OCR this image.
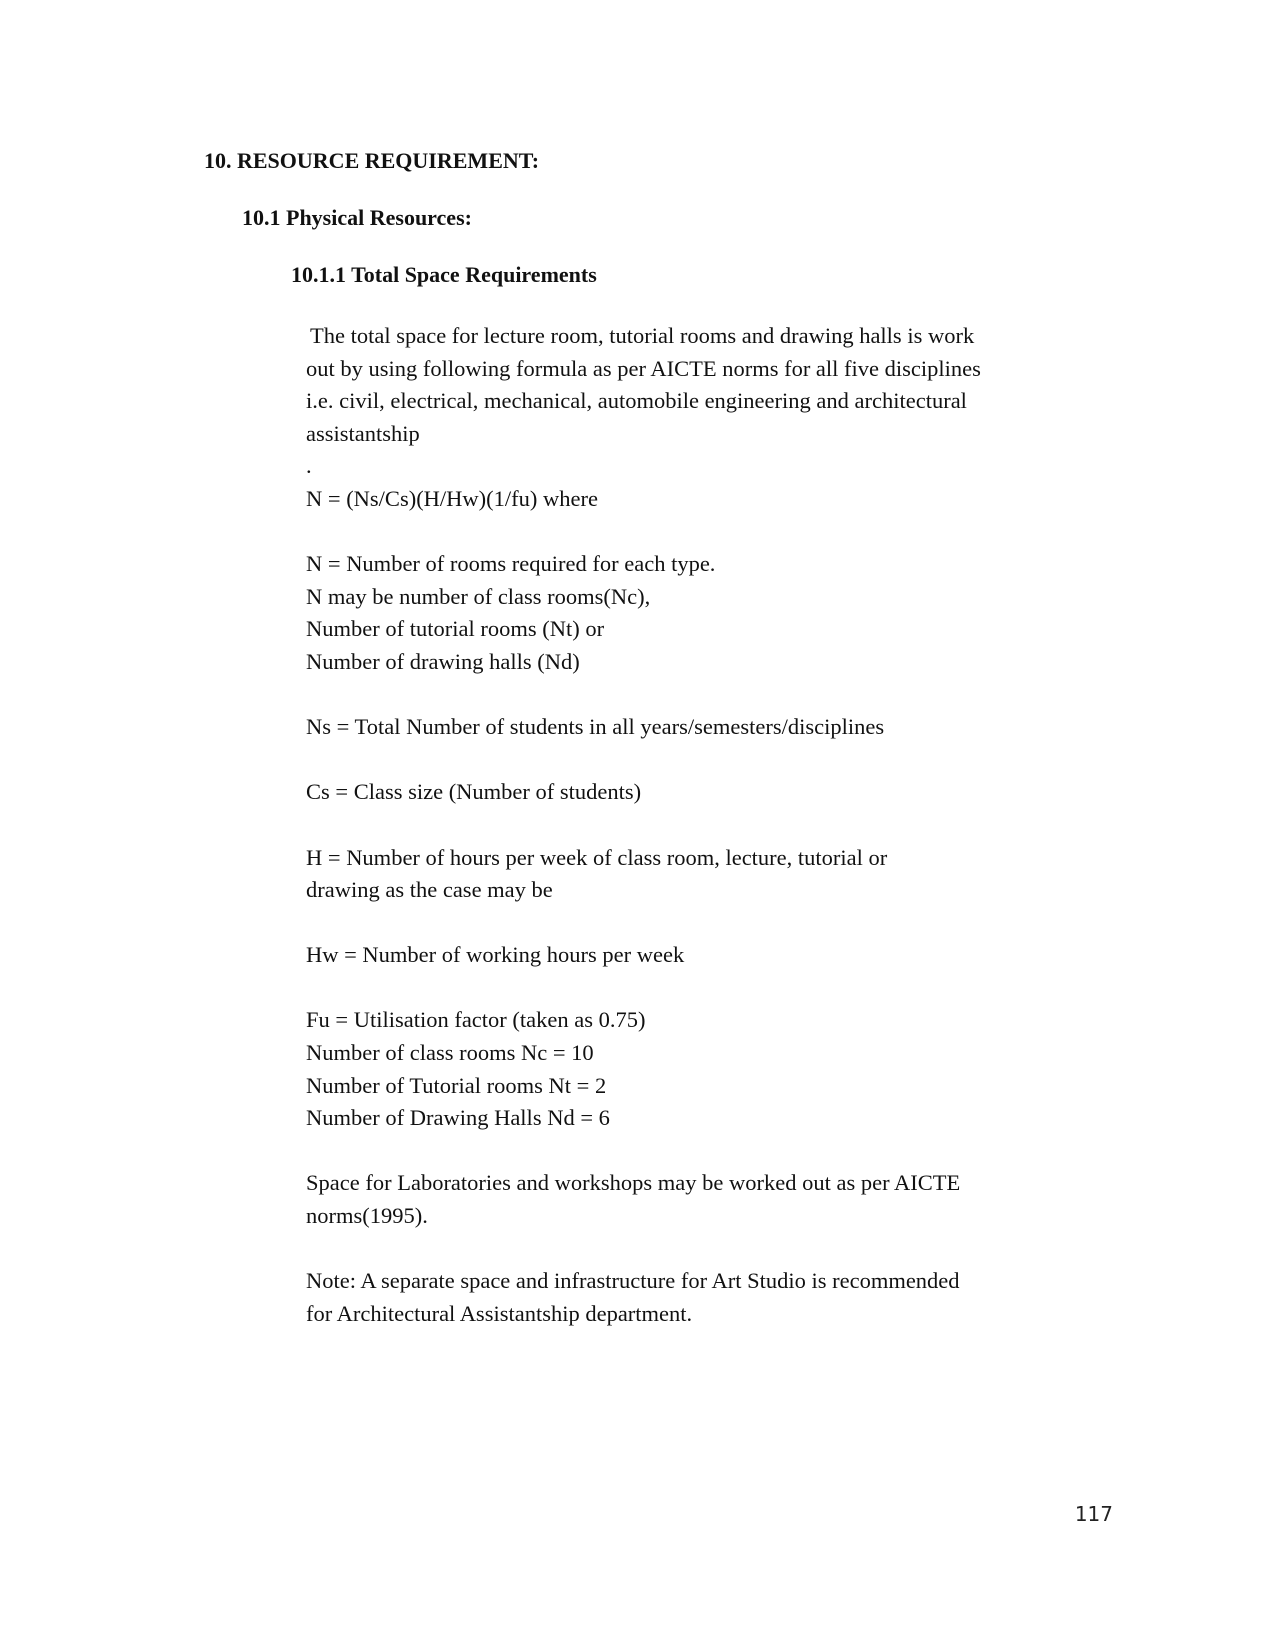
10. RESOURCE REQUIREMENT:
10.1 Physical Resources:
10.1.1 Total Space Requirements
The total space for lecture room, tutorial rooms and drawing halls is work
out by using following formula as per AICTE norms for all five disciplines
i.e. civil, electrical, mechanical, automobile engineering and architectural
assistantship
.
N = (Ns/Cs)(H/Hw)(1/fu) where
N = Number of rooms required for each type.
N may be number of class rooms(Nc),
Number of tutorial rooms (Nt) or
Number of drawing halls (Nd)
Ns = Total Number of students in all years/semesters/disciplines
Cs = Class size (Number of students)
H = Number of hours per week of class room, lecture, tutorial or
drawing as the case may be
Hw = Number of working hours per week
Fu = Utilisation factor (taken as 0.75)
Number of class rooms Nc = 10
Number of Tutorial rooms Nt = 2
Number of Drawing Halls Nd = 6
Space for Laboratories and workshops may be worked out as per AICTE
norms(1995).
Note: A separate space and infrastructure for Art Studio is recommended
for Architectural Assistantship department.
117
